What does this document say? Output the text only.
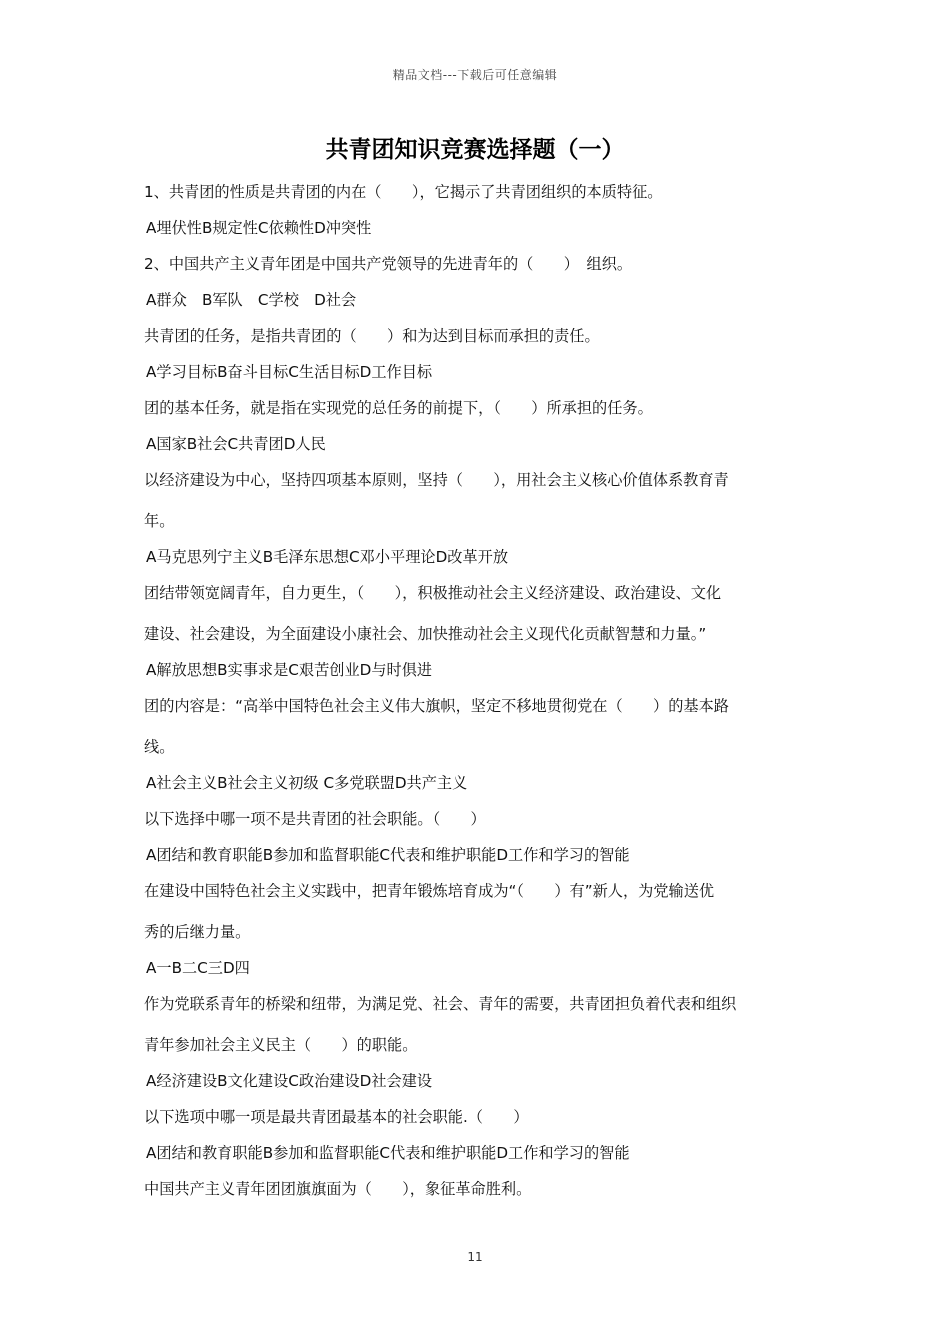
精品文档---下载后可任意编辑
共青团知识竞赛选择题（一）
1、共青团的性质是共青团的内在（　　），它揭示了共青团组织的本质特征。
A埋伏性B规定性C依赖性D冲突性
2、中国共产主义青年团是中国共产党领导的先进青年的（　　）　组织。
A群众　B军队　C学校　D社会
共青团的任务，是指共青团的（　　）和为达到目标而承担的责任。
A学习目标B奋斗目标C生活目标D工作目标
团的基本任务，就是指在实现党的总任务的前提下，（　　）所承担的任务。
A国家B社会C共青团D人民
以经济建设为中心，坚持四项基本原则，坚持（　　），用社会主义核心价值体系教育青
年。
A马克思列宁主义B毛泽东思想C邓小平理论D改革开放
团结带领宽阔青年，自力更生，（　　），积极推动社会主义经济建设、政治建设、文化
建设、社会建设，为全面建设小康社会、加快推动社会主义现代化贡献智慧和力量。”
A解放思想B实事求是C艰苦创业D与时俱进
团的内容是：“高举中国特色社会主义伟大旗帜，坚定不移地贯彻党在（　　）的基本路
线。
A社会主义B社会主义初级 C多党联盟D共产主义
以下选择中哪一项不是共青团的社会职能。（　　）
A团结和教育职能B参加和监督职能C代表和维护职能D工作和学习的智能
在建设中国特色社会主义实践中，把青年锻炼培育成为“（　　）有”新人，为党输送优
秀的后继力量。
A一B二C三D四
作为党联系青年的桥梁和纽带，为满足党、社会、青年的需要，共青团担负着代表和组织
青年参加社会主义民主（　　）的职能。
A经济建设B文化建设C政治建设D社会建设
以下选项中哪一项是最共青团最基本的社会职能.（　　）
A团结和教育职能B参加和监督职能C代表和维护职能D工作和学习的智能
中国共产主义青年团团旗旗面为（　　），象征革命胜利。
11
